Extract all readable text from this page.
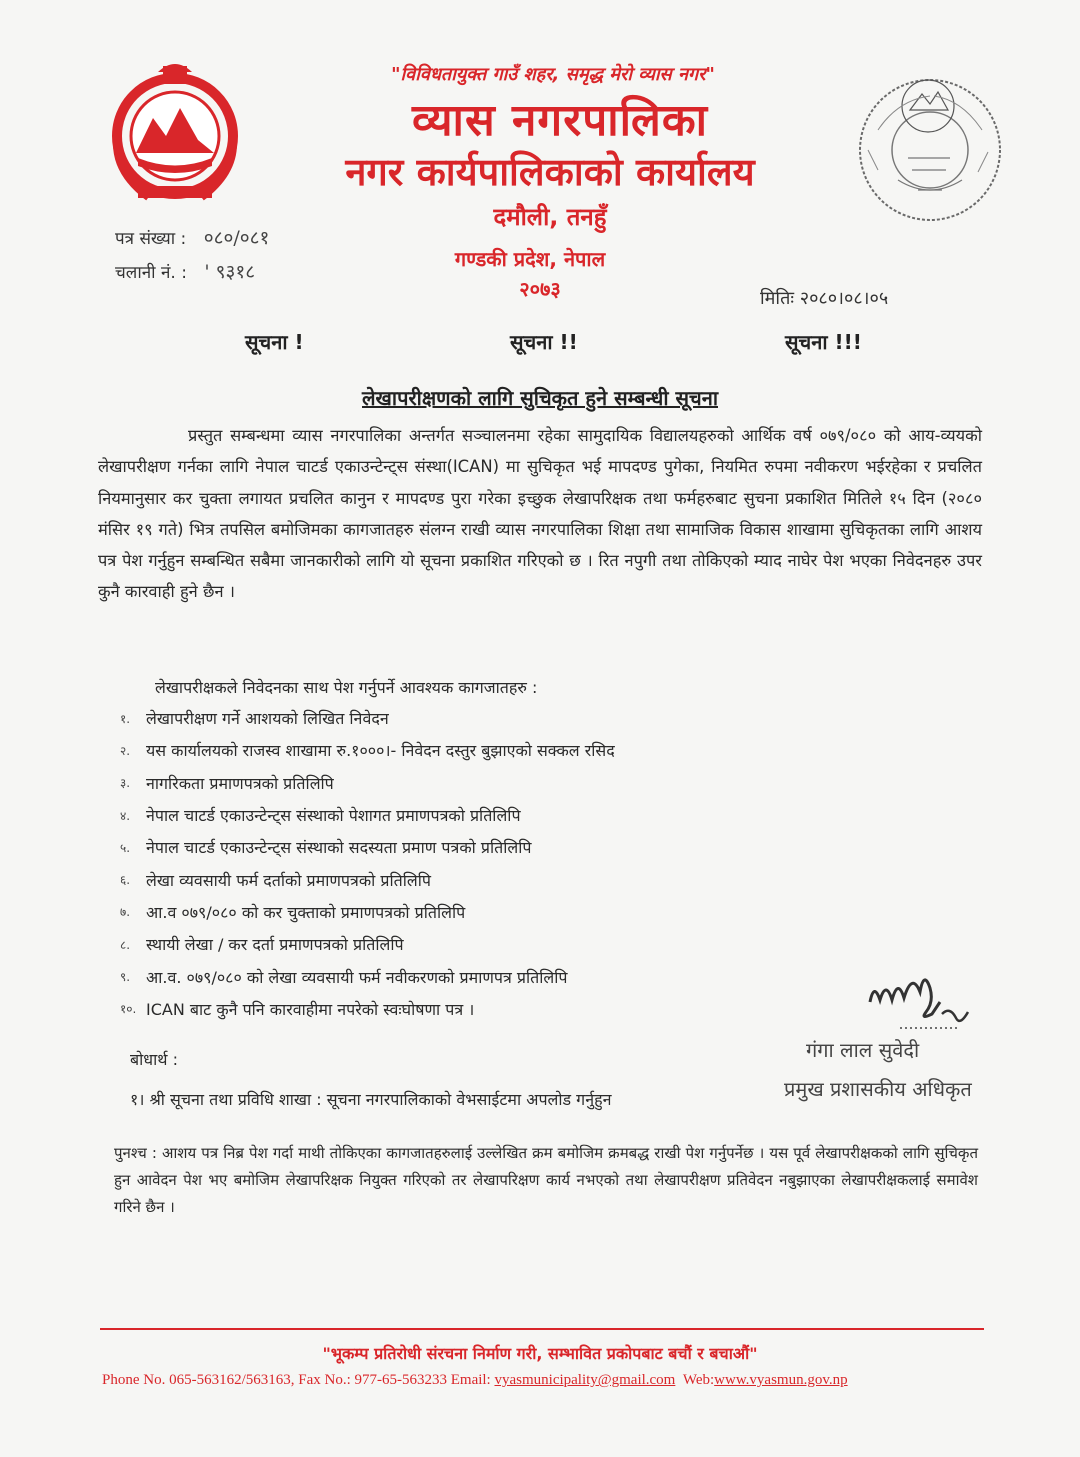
"विविधतायुक्त गाउँ शहर, समृद्ध मेरो व्यास नगर"
व्यास नगरपालिका
नगर कार्यपालिकाको कार्यालय
दमौली, तनहुँ
गण्डकी प्रदेश, नेपाल
२०७३
पत्र संख्या : ०८०/०८१
चलानी नं. : ' ९३१८
मितिः २०८०।०८।०५
सूचना !	सूचना !!	सूचना !!!
लेखापरीक्षणको लागि सुचिकृत हुने सम्बन्धी सूचना
प्रस्तुत सम्बन्धमा व्यास नगरपालिका अन्तर्गत सञ्चालनमा रहेका सामुदायिक विद्यालयहरुको आर्थिक वर्ष ०७९/०८० को आय-व्ययको लेखापरीक्षण गर्नका लागि नेपाल चाटर्ड एकाउन्टेन्ट्स संस्था(ICAN) मा सुचिकृत भई मापदण्ड पुगेका, नियमित रुपमा नवीकरण भईरहेका र प्रचलित नियमानुसार कर चुक्ता लगायत प्रचलित कानुन र मापदण्ड पुरा गरेका इच्छुक लेखापरिक्षक तथा फर्महरुबाट सुचना प्रकाशित मितिले १५ दिन (२०८० मंसिर १९ गते) भित्र तपसिल बमोजिमका कागजातहरु संलग्न राखी व्यास नगरपालिका शिक्षा तथा सामाजिक विकास शाखामा सुचिकृतका लागि आशय पत्र पेश गर्नुहुन सम्बन्धित सबैमा जानकारीको लागि यो सूचना प्रकाशित गरिएको छ । रित नपुगी तथा तोकिएको म्याद नाघेर पेश भएका निवेदनहरु उपर कुनै कारवाही हुने छैन ।
लेखापरीक्षकले निवेदनका साथ पेश गर्नुपर्ने आवश्यक कागजातहरु :
१. लेखापरीक्षण गर्ने आशयको लिखित निवेदन
२. यस कार्यालयको राजस्व शाखामा रु.१०००।- निवेदन दस्तुर बुझाएको सक्कल रसिद
३. नागरिकता प्रमाणपत्रको प्रतिलिपि
४. नेपाल चाटर्ड एकाउन्टेन्ट्स संस्थाको पेशागत प्रमाणपत्रको प्रतिलिपि
५. नेपाल चाटर्ड एकाउन्टेन्ट्स संस्थाको सदस्यता प्रमाण पत्रको प्रतिलिपि
६. लेखा व्यवसायी फर्म दर्ताको प्रमाणपत्रको प्रतिलिपि
७. आ.व ०७९/०८० को कर चुक्ताको प्रमाणपत्रको प्रतिलिपि
८. स्थायी लेखा / कर दर्ता प्रमाणपत्रको प्रतिलिपि
९. आ.व. ०७९/०८० को लेखा व्यवसायी फर्म नवीकरणको प्रमाणपत्र प्रतिलिपि
१०. ICAN बाट कुनै पनि कारवाहीमा नपरेको स्वःघोषणा पत्र ।
गंगा लाल सुवेदी
प्रमुख प्रशासकीय अधिकृत
बोधार्थ :
१। श्री सूचना तथा प्रविधि शाखा : सूचना नगरपालिकाको वेभसाईटमा अपलोड गर्नुहुन
पुनश्च : आशय पत्र निब्र पेश गर्दा माथी तोकिएका कागजातहरुलाई उल्लेखित क्रम बमोजिम क्रमबद्ध राखी पेश गर्नुपर्नेछ । यस पूर्व लेखापरीक्षकको लागि सुचिकृत हुन आवेदन पेश भए बमोजिम लेखापरिक्षक नियुक्त गरिएको तर लेखापरिक्षण कार्य नभएको तथा लेखापरीक्षण प्रतिवेदन नबुझाएका लेखापरीक्षकलाई समावेश गरिने छैन ।
"भूकम्प प्रतिरोधी संरचना निर्माण गरी, सम्भावित प्रकोपबाट बचौं र बचाऔं"
Phone No. 065-563162/563163, Fax No.: 977-65-563233 Email: vyasmunicipality@gmail.com Web:www.vyasmun.gov.np
